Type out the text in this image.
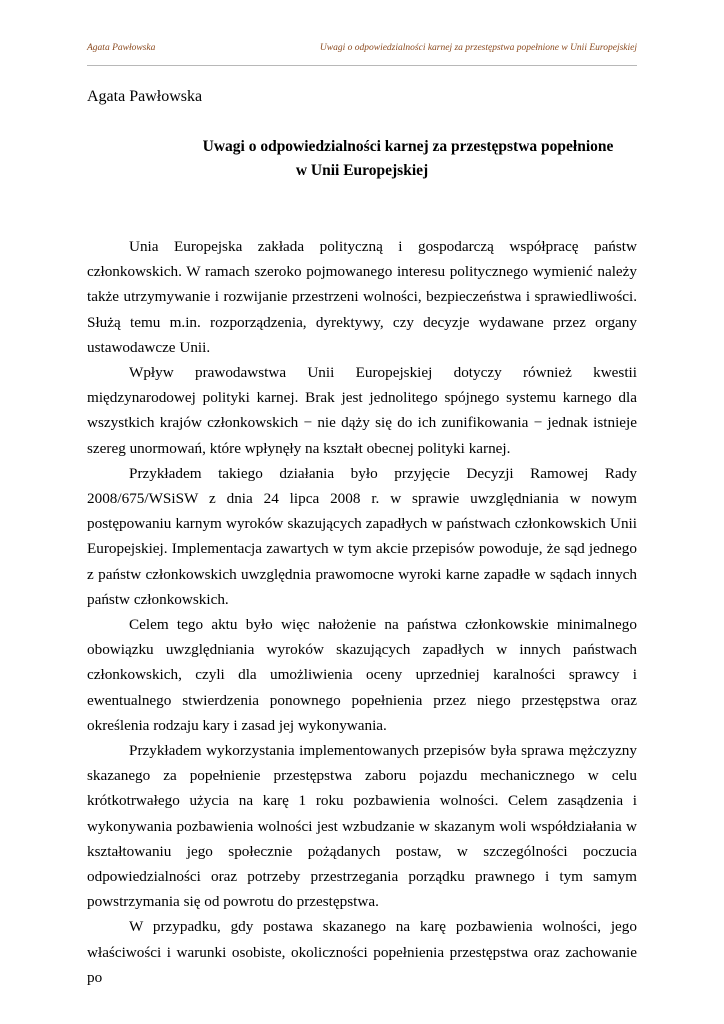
Agata Pawłowska	Uwagi o odpowiedzialności karnej za przestępstwa popełnione w Unii Europejskiej
Agata Pawłowska
Uwagi o odpowiedzialności karnej za przestępstwa popełnione
w Unii Europejskiej

Unia Europejska zakłada polityczną i gospodarczą współpracę państw członkowskich. W ramach szeroko pojmowanego interesu politycznego wymienić należy także utrzymywanie i rozwijanie przestrzeni wolności, bezpieczeństwa i sprawiedliwości. Służą temu m.in. rozporządzenia, dyrektywy, czy decyzje wydawane przez organy ustawodawcze Unii.

Wpływ prawodawstwa Unii Europejskiej dotyczy również kwestii międzynarodowej polityki karnej. Brak jest jednolitego spójnego systemu karnego dla wszystkich krajów członkowskich − nie dąży się do ich zunifikowania − jednak istnieje szereg unormowań, które wpłynęły na kształt obecnej polityki karnej.

Przykładem takiego działania było przyjęcie Decyzji Ramowej Rady 2008/675/WSiSW z dnia 24 lipca 2008 r. w sprawie uwzględniania w nowym postępowaniu karnym wyroków skazujących zapadłych w państwach członkowskich Unii Europejskiej. Implementacja zawartych w tym akcie przepisów powoduje, że sąd jednego z państw członkowskich uwzględnia prawomocne wyroki karne zapadłe w sądach innych państw członkowskich.

Celem tego aktu było więc nałożenie na państwa członkowskie minimalnego obowiązku uwzględniania wyroków skazujących zapadłych w innych państwach członkowskich, czyli dla umożliwienia oceny uprzedniej karalności sprawcy i ewentualnego stwierdzenia ponownego popełnienia przez niego przestępstwa oraz określenia rodzaju kary i zasad jej wykonywania.

Przykładem wykorzystania implementowanych przepisów była sprawa mężczyzny skazanego za popełnienie przestępstwa zaboru pojazdu mechanicznego w celu krótkotrwałego użycia na karę 1 roku pozbawienia wolności. Celem zasądzenia i wykonywania pozbawienia wolności jest wzbudzanie w skazanym woli współdziałania w kształtowaniu jego społecznie pożądanych postaw, w szczególności poczucia odpowiedzialności oraz potrzeby przestrzegania porządku prawnego i tym samym powstrzymania się od powrotu do przestępstwa.

W przypadku, gdy postawa skazanego na karę pozbawienia wolności, jego właściwości i warunki osobiste, okoliczności popełnienia przestępstwa oraz zachowanie po
